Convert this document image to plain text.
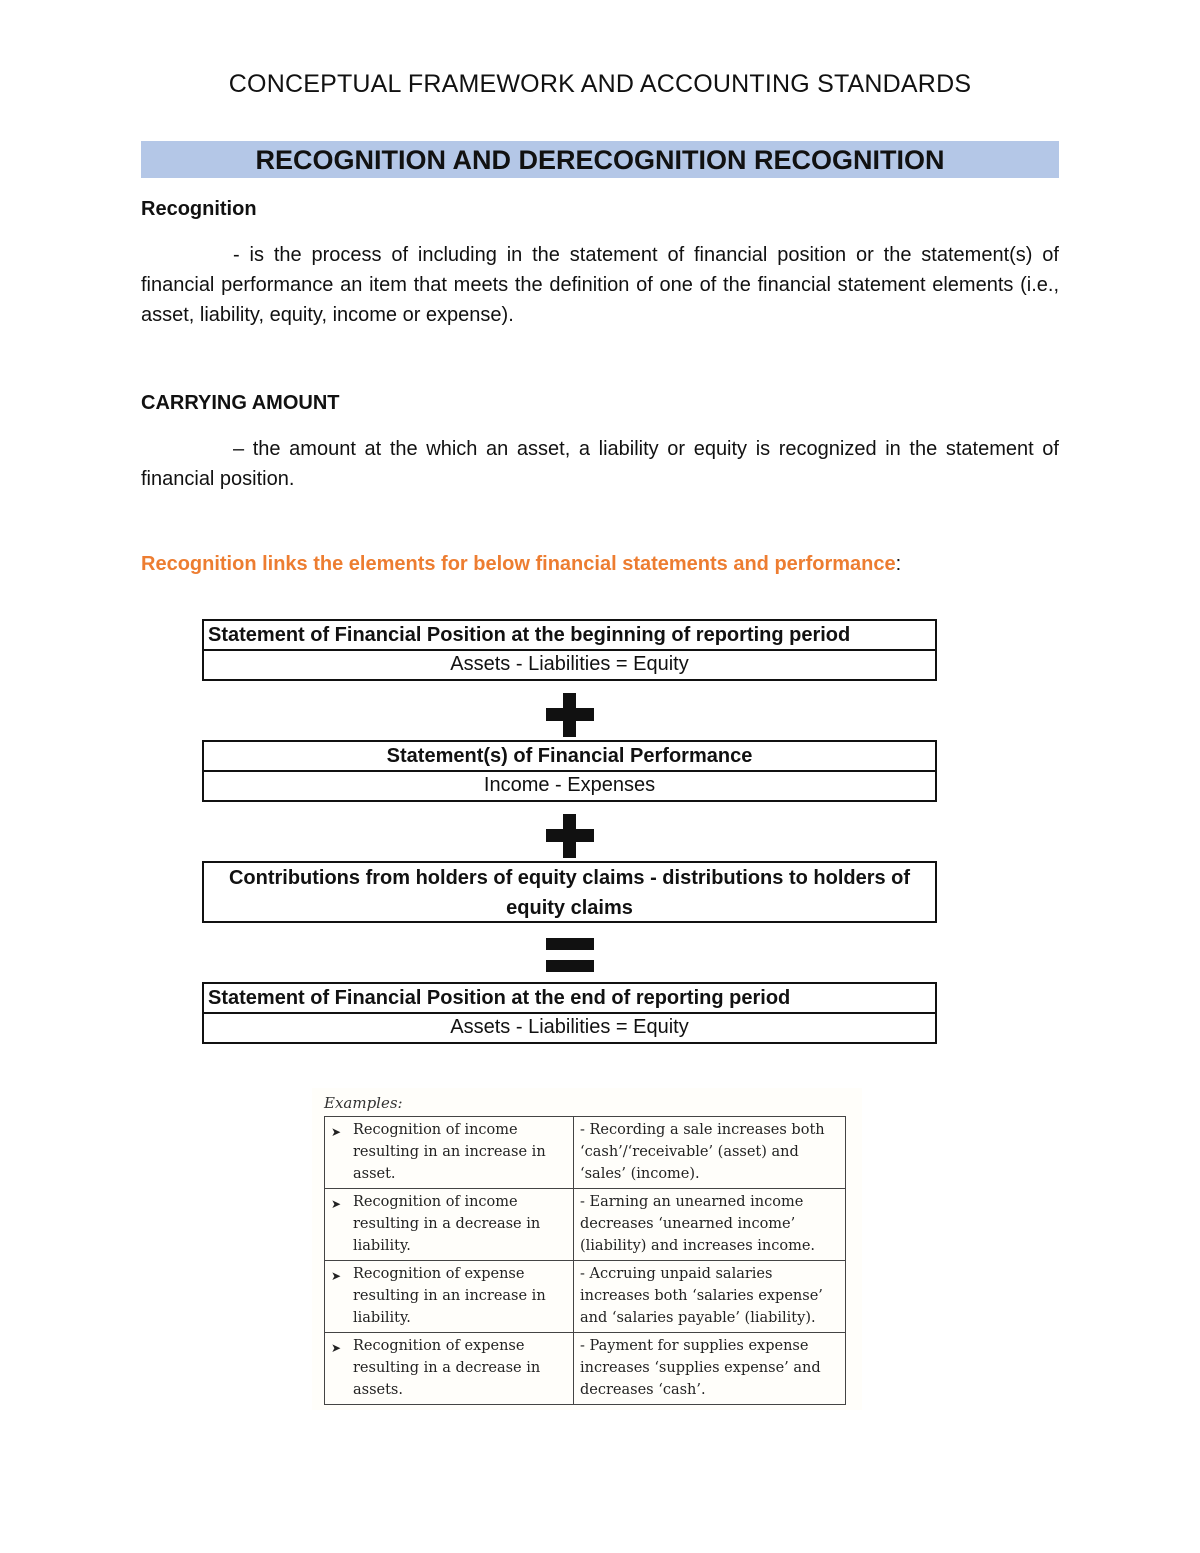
CONCEPTUAL FRAMEWORK AND ACCOUNTING STANDARDS
RECOGNITION AND DERECOGNITION RECOGNITION
Recognition
- is the process of including in the statement of financial position or the statement(s) of financial performance an item that meets the definition of one of the financial statement elements (i.e., asset, liability, equity, income or expense).
CARRYING AMOUNT
– the amount at the which an asset, a liability or equity is recognized in the statement of financial position.
Recognition links the elements for below financial statements and performance:
Statement of Financial Position at the beginning of reporting period
Assets - Liabilities = Equity
Statement(s) of Financial Performance
Income - Expenses
Contributions from holders of equity claims - distributions to holders of equity claims
Statement of Financial Position at the end of reporting period
Assets - Liabilities = Equity
Examples:
➤ Recognition of income resulting in an increase in asset.	- Recording a sale increases both ‘cash’/‘receivable’ (asset) and ‘sales’ (income).

➤ Recognition of income resulting in a decrease in liability.	- Earning an unearned income decreases ‘unearned income’ (liability) and increases income.

➤ Recognition of expense resulting in an increase in liability.	- Accruing unpaid salaries increases both ‘salaries expense’ and ‘salaries payable’ (liability).

➤ Recognition of expense resulting in a decrease in assets.	- Payment for supplies expense increases ‘supplies expense’ and decreases ‘cash’.
